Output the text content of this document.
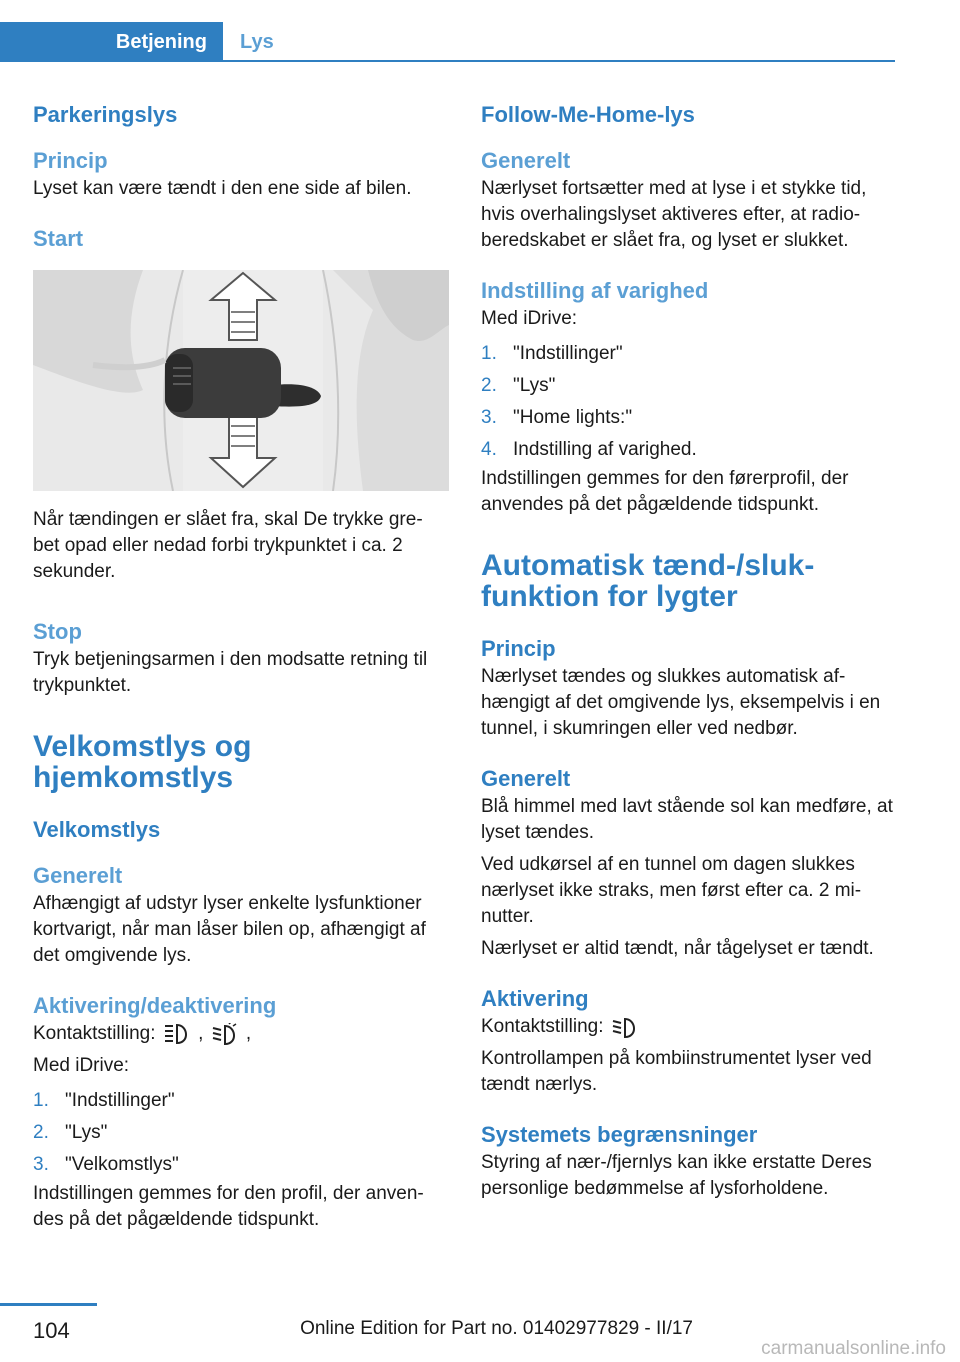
Betjening	Lys
Parkeringslys
Princip

Lyset kan være tændt i den ene side af bilen.

Start

Når tændingen er slået fra, skal De trykke gre‐bet opad eller nedad forbi trykpunktet i ca. 2 sekunder.

Stop

Tryk betjeningsarmen i den modsatte retning til trykpunktet.

Velkomstlys og
hjemkomstlys
Velkomstlys
Generelt

Afhængigt af udstyr lyser enkelte lysfunktioner kortvarigt, når man låser bilen op, afhængigt af det omgivende lys.

Aktivering/deaktivering

Kontaktstilling: , ,

Med iDrive:

1. "Indstillinger"
2. "Lys"
3. "Velkomstlys"

Indstillingen gemmes for den profil, der anven‐des på det pågældende tidspunkt.

Follow-Me-Home-lys
Generelt

Nærlyset fortsætter med at lyse i et stykke tid, hvis overhalingslyset aktiveres efter, at radio‐beredskabet er slået fra, og lyset er slukket.

Indstilling af varighed

Med iDrive:

1. "Indstillinger"
2. "Lys"
3. "Home lights:"
4. Indstilling af varighed.

Indstillingen gemmes for den førerprofil, der anvendes på det pågældende tidspunkt.

Automatisk tænd-/sluk‐
funktion for lygter
Princip

Nærlyset tændes og slukkes automatisk af‐hængigt af det omgivende lys, eksempelvis i en tunnel, i skumringen eller ved nedbør.

Generelt

Blå himmel med lavt stående sol kan medføre, at lyset tændes.

Ved udkørsel af en tunnel om dagen slukkes nærlyset ikke straks, men først efter ca. 2 mi‐nutter.

Nærlyset er altid tændt, når tågelyset er tændt.

Aktivering

Kontaktstilling:

Kontrollampen på kombiinstrumentet lyser ved tændt nærlys.

Systemets begrænsninger

Styring af nær-/fjernlys kan ikke erstatte Deres personlige bedømmelse af lysforholdene.

104	Online Edition for Part no. 01402977829 - II/17
carmanualsonline.info
